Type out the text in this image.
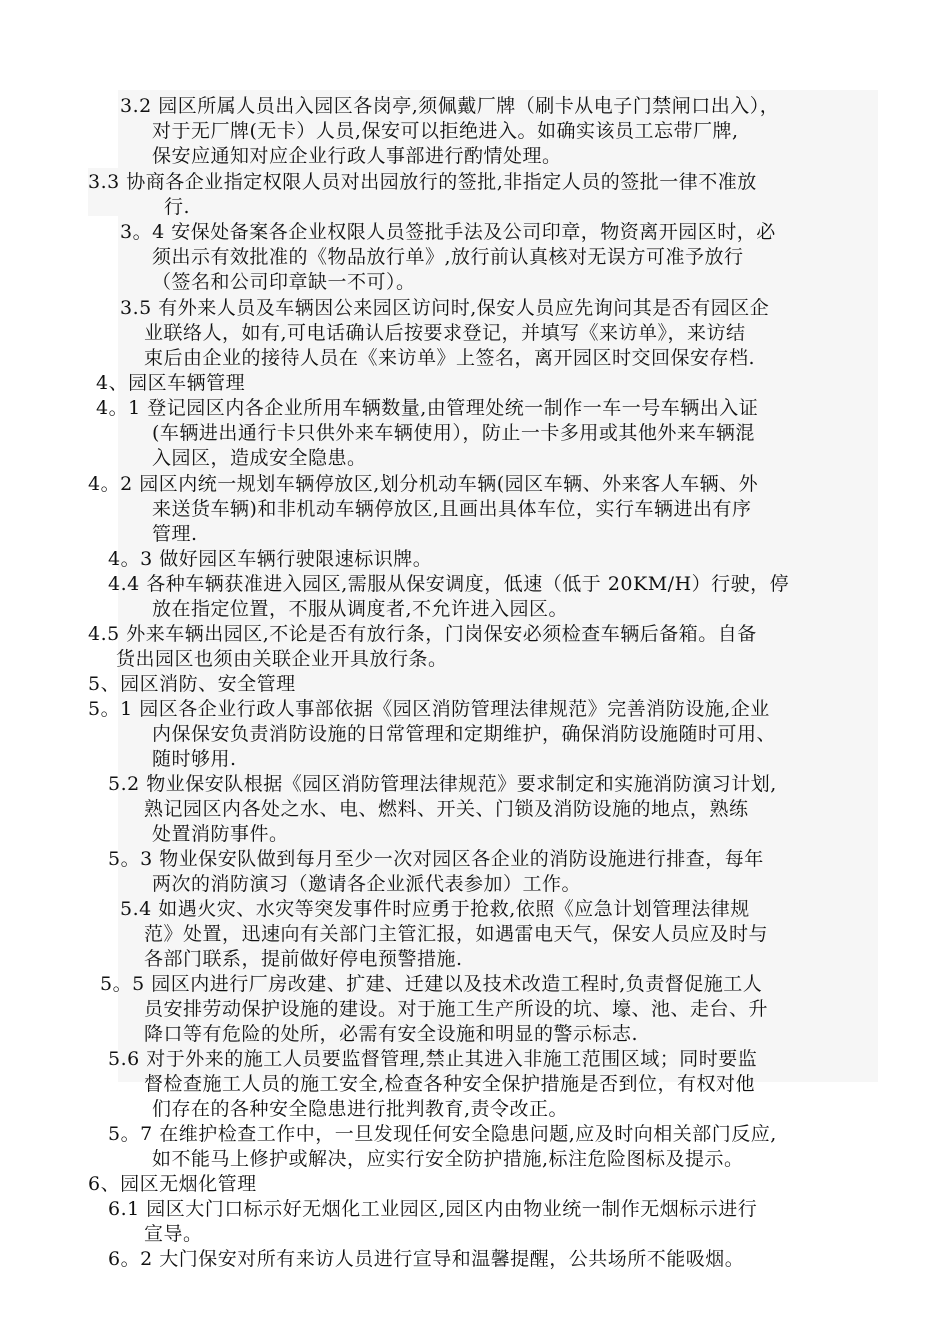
3.2 园区所属人员出入园区各岗亭,须佩戴厂牌（刷卡从电子门禁闸口出入），
对于无厂牌(无卡）人员,保安可以拒绝进入。如确实该员工忘带厂牌,
保安应通知对应企业行政人事部进行酌情处理。
3.3 协商各企业指定权限人员对出园放行的签批,非指定人员的签批一律不准放
行.
3。4 安保处备案各企业权限人员签批手法及公司印章，物资离开园区时，必
须出示有效批准的《物品放行单》,放行前认真核对无误方可准予放行
（签名和公司印章缺一不可）。
3.5 有外来人员及车辆因公来园区访问时,保安人员应先询问其是否有园区企
业联络人，如有,可电话确认后按要求登记，并填写《来访单》，来访结
束后由企业的接待人员在《来访单》上签名，离开园区时交回保安存档.
4、园区车辆管理
4。1 登记园区内各企业所用车辆数量,由管理处统一制作一车一号车辆出入证
(车辆进出通行卡只供外来车辆使用），防止一卡多用或其他外来车辆混
入园区，造成安全隐患。
4。2 园区内统一规划车辆停放区,划分机动车辆(园区车辆、外来客人车辆、外
来送货车辆)和非机动车辆停放区,且画出具体车位，实行车辆进出有序
管理.
4。3 做好园区车辆行驶限速标识牌。
4.4 各种车辆获准进入园区,需服从保安调度，低速（低于 20KM/H）行驶，停
放在指定位置，不服从调度者,不允许进入园区。
4.5 外来车辆出园区,不论是否有放行条，门岗保安必须检查车辆后备箱。自备
货出园区也须由关联企业开具放行条。
5、园区消防、安全管理
5。1 园区各企业行政人事部依据《园区消防管理法律规范》完善消防设施,企业
内保保安负责消防设施的日常管理和定期维护，确保消防设施随时可用、
随时够用.
5.2 物业保安队根据《园区消防管理法律规范》要求制定和实施消防演习计划,
熟记园区内各处之水、电、燃料、开关、门锁及消防设施的地点，熟练
处置消防事件。
5。3 物业保安队做到每月至少一次对园区各企业的消防设施进行排查，每年
两次的消防演习（邀请各企业派代表参加）工作。
5.4 如遇火灾、水灾等突发事件时应勇于抢救,依照《应急计划管理法律规
范》处置，迅速向有关部门主管汇报，如遇雷电天气，保安人员应及时与
各部门联系，提前做好停电预警措施.
5。5 园区内进行厂房改建、扩建、迁建以及技术改造工程时,负责督促施工人
员安排劳动保护设施的建设。对于施工生产所设的坑、壕、池、走台、升
降口等有危险的处所，必需有安全设施和明显的警示标志.
5.6 对于外来的施工人员要监督管理,禁止其进入非施工范围区域；同时要监
督检查施工人员的施工安全,检查各种安全保护措施是否到位，有权对他
们存在的各种安全隐患进行批判教育,责令改正。
5。7 在维护检查工作中，一旦发现任何安全隐患问题,应及时向相关部门反应,
如不能马上修护或解决，应实行安全防护措施,标注危险图标及提示。
6、园区无烟化管理
6.1 园区大门口标示好无烟化工业园区,园区内由物业统一制作无烟标示进行
宣导。
6。2 大门保安对所有来访人员进行宣导和温馨提醒，公共场所不能吸烟。
